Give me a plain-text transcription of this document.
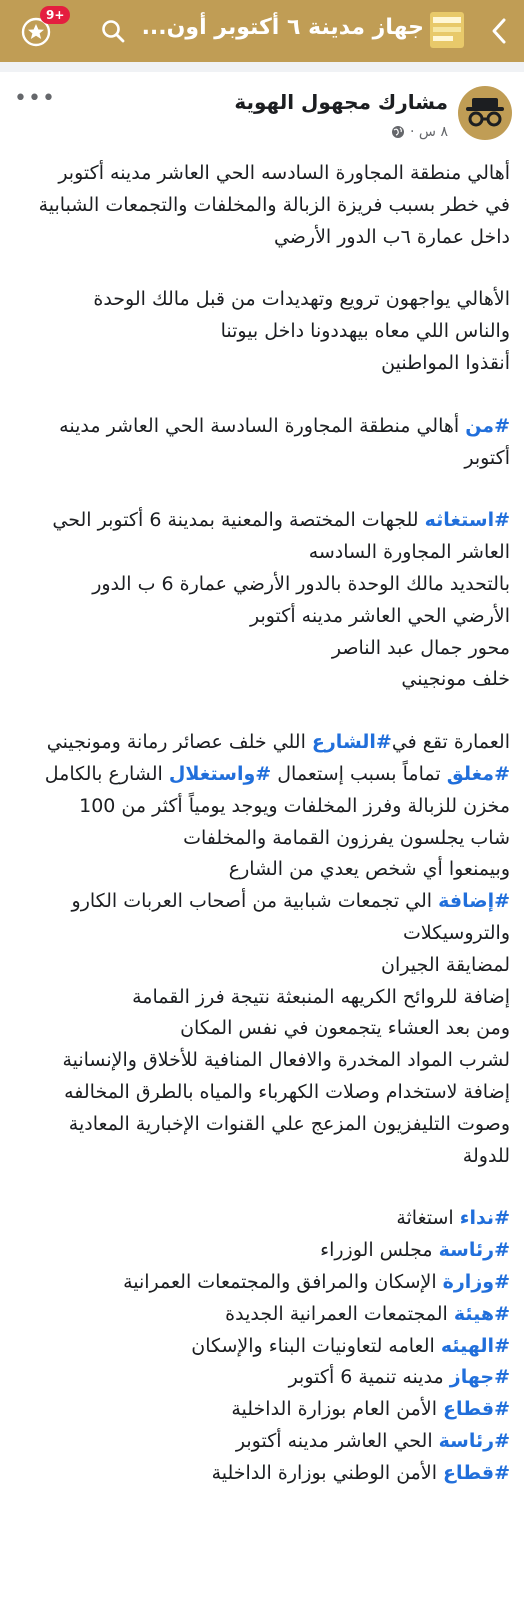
جهاز مدينة ٦ أكتوبر أون...
9+
مشارك مجهول الهوية
٨ س ·
•••

أهالي منطقة المجاورة السادسه الحي العاشر مدينه أكتوبر
في خطر بسبب فريزة الزبالة والمخلفات والتجمعات الشبابية
داخل عمارة ٦ب الدور الأرضي

الأهالي يواجهون ترويع وتهديدات من قبل مالك الوحدة
والناس اللي معاه بيهددونا داخل بيوتنا
أنقذوا المواطنين

#من أهالي منطقة المجاورة السادسة الحي العاشر مدينه
أكتوبر

#استغاثه للجهات المختصة والمعنية بمدينة 6 أكتوبر الحي
العاشر المجاورة السادسه
بالتحديد مالك الوحدة بالدور الأرضي عمارة 6 ب الدور
الأرضي الحي العاشر مدينه أكتوبر
محور جمال عبد الناصر
خلف مونجيني

العمارة تقع في#الشارع اللي خلف عصائر رمانة ومونجيني
#مغلق تماماً بسبب إستعمال #واستغلال الشارع بالكامل
مخزن للزبالة وفرز المخلفات ويوجد يومياً أكثر من 100
شاب يجلسون يفرزون القمامة والمخلفات
وبيمنعوا أي شخص يعدي من الشارع
#إضافة الي تجمعات شبابية من أصحاب العربات الكارو
والتروسيكلات
لمضايقة الجيران
إضافة للروائح الكريهه المنبعثة نتيجة فرز القمامة
ومن بعد العشاء يتجمعون في نفس المكان
لشرب المواد المخدرة والافعال المنافية للأخلاق والإنسانية
إضافة لاستخدام وصلات الكهرباء والمياه بالطرق المخالفه
وصوت التليفزيون المزعج علي القنوات الإخبارية المعادية
للدولة

#نداء استغاثة
#رئاسة مجلس الوزراء
#وزارة الإسكان والمرافق والمجتمعات العمرانية
#هيئة المجتمعات العمرانية الجديدة
#الهيئه العامه لتعاونيات البناء والإسكان
#جهاز مدينه تنمية 6 أكتوبر
#قطاع الأمن العام بوزارة الداخلية
#رئاسة الحي العاشر مدينه أكتوبر
#قطاع الأمن الوطني بوزارة الداخلية
